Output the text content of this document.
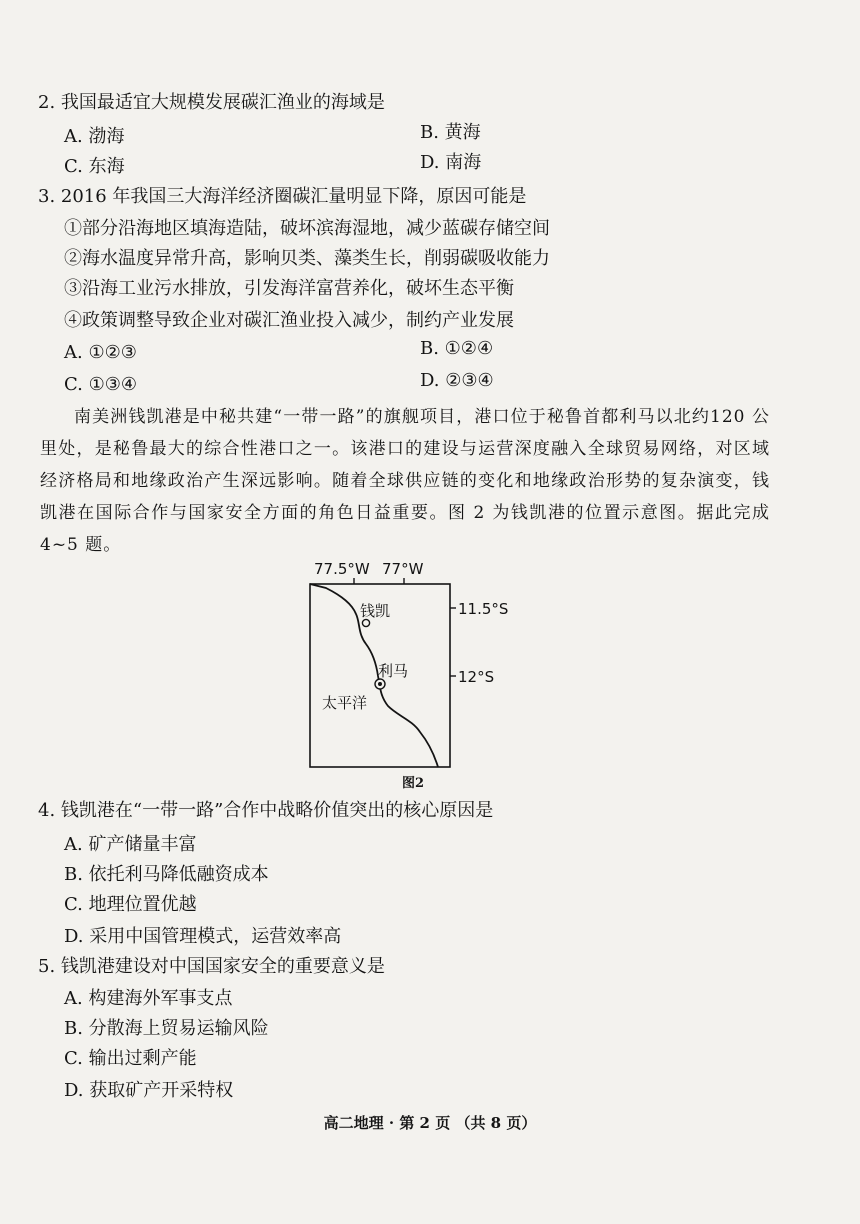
2. 我国最适宜大规模发展碳汇渔业的海域是
A. 渤海	B. 黄海
C. 东海	D. 南海
3. 2016 年我国三大海洋经济圈碳汇量明显下降，原因可能是
①部分沿海地区填海造陆，破坏滨海湿地，减少蓝碳存储空间
②海水温度异常升高，影响贝类、藻类生长，削弱碳吸收能力
③沿海工业污水排放，引发海洋富营养化，破坏生态平衡
④政策调整导致企业对碳汇渔业投入减少，制约产业发展
A. ①②③	B. ①②④
C. ①③④	D. ②③④
南美洲钱凯港是中秘共建“一带一路”的旗舰项目，港口位于秘鲁首都利马以北约120 公里处，是秘鲁最大的综合性港口之一。该港口的建设与运营深度融入全球贸易网络，对区域经济格局和地缘政治产生深远影响。随着全球供应链的变化和地缘政治形势的复杂演变，钱凯港在国际合作与国家安全方面的角色日益重要。图 2 为钱凯港的位置示意图。据此完成 4~5 题。
77.5°W 77°W
11.5°S
12°S
钱凯
利马
太平洋
图2
4. 钱凯港在“一带一路”合作中战略价值突出的核心原因是
A. 矿产储量丰富
B. 依托利马降低融资成本
C. 地理位置优越
D. 采用中国管理模式，运营效率高
5. 钱凯港建设对中国国家安全的重要意义是
A. 构建海外军事支点
B. 分散海上贸易运输风险
C. 输出过剩产能
D. 获取矿产开采特权
高二地理 · 第 2 页 （共 8 页）
